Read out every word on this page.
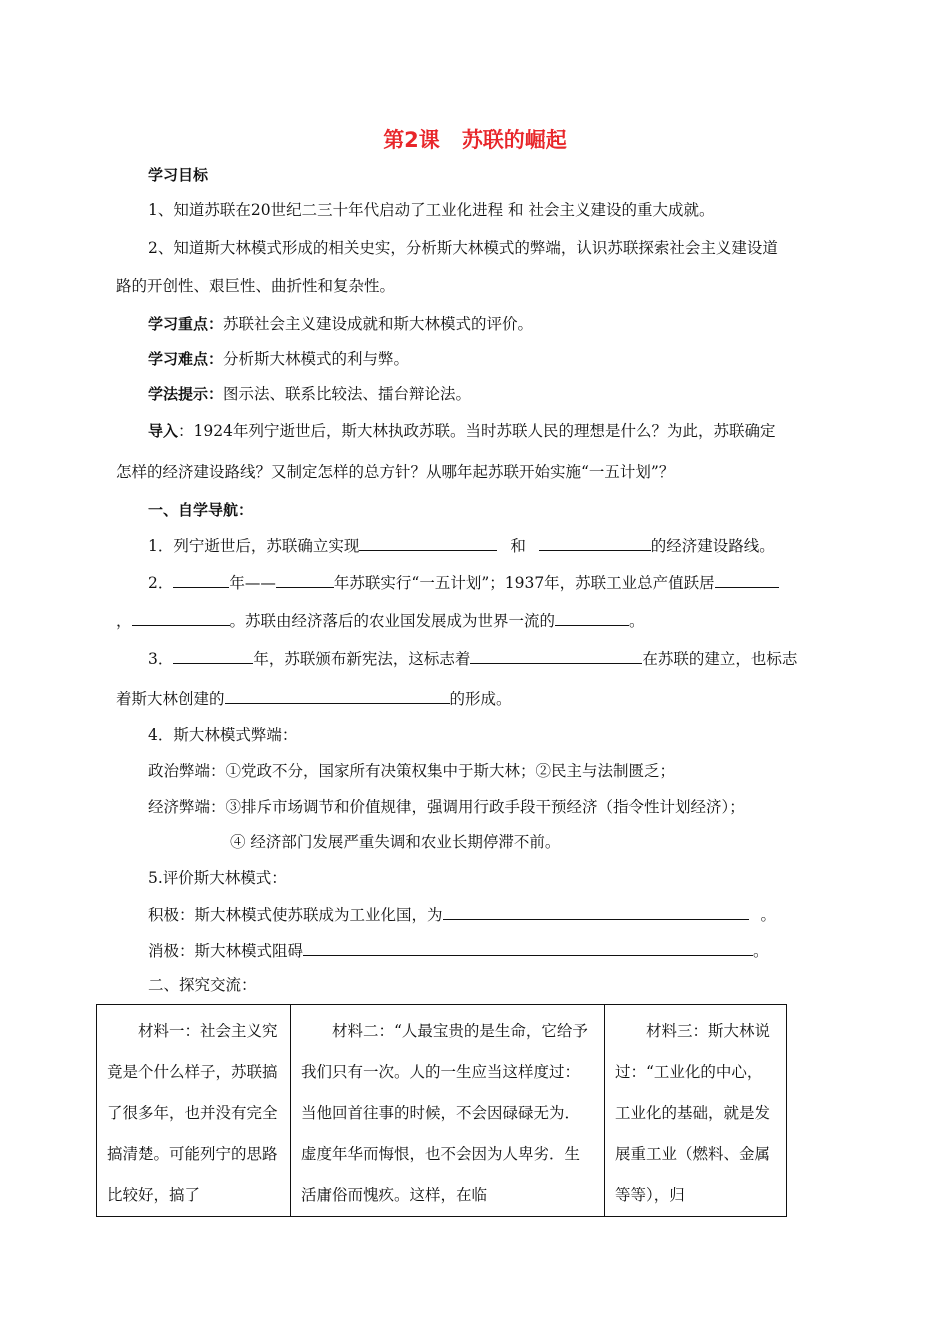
第2课 苏联的崛起
学习目标
1、知道苏联在20世纪二三十年代启动了工业化进程 和 社会主义建设的重大成就。
2、知道斯大林模式形成的相关史实，分析斯大林模式的弊端，认识苏联探索社会主义建设道
路的开创性、艰巨性、曲折性和复杂性。
学习重点：苏联社会主义建设成就和斯大林模式的评价。
学习难点：分析斯大林模式的利与弊。
学法提示：图示法、联系比较法、擂台辩论法。
导入：1924年列宁逝世后，斯大林执政苏联。当时苏联人民的理想是什么？为此，苏联确定
怎样的经济建设路线？又制定怎样的总方针？从哪年起苏联开始实施“一五计划”？
一、自学导航：
1．列宁逝世后，苏联确立实现	和	的经济建设路线。
2．	年——	年苏联实行“一五计划”；1937年，苏联工业总产值跃居
，	。苏联由经济落后的农业国发展成为世界一流的	。
3．	年，苏联颁布新宪法，这标志着	在苏联的建立，也标志
着斯大林创建的	的形成。
4．斯大林模式弊端：
政治弊端：①党政不分，国家所有决策权集中于斯大林；②民主与法制匮乏；
经济弊端：③排斥市场调节和价值规律，强调用行政手段干预经济（指令性计划经济）；
④ 经济部门发展严重失调和农业长期停滞不前。
5.评价斯大林模式：
积极：斯大林模式使苏联成为工业化国，为	。
消极：斯大林模式阻碍	。
二、探究交流：
材料一：社会主义究竟是个什么样子，苏联搞了很多年，也并没有完全搞清楚。可能列宁的思路比较好，搞了	材料二：“人最宝贵的是生命，它给予我们只有一次。人的一生应当这样度过：当他回首往事的时候，不会因碌碌无为．虚度年华而悔恨，也不会因为人卑劣．生活庸俗而愧疚。这样，在临	材料三：斯大林说过：“工业化的中心，工业化的基础，就是发展重工业（燃料、金属等等），归
